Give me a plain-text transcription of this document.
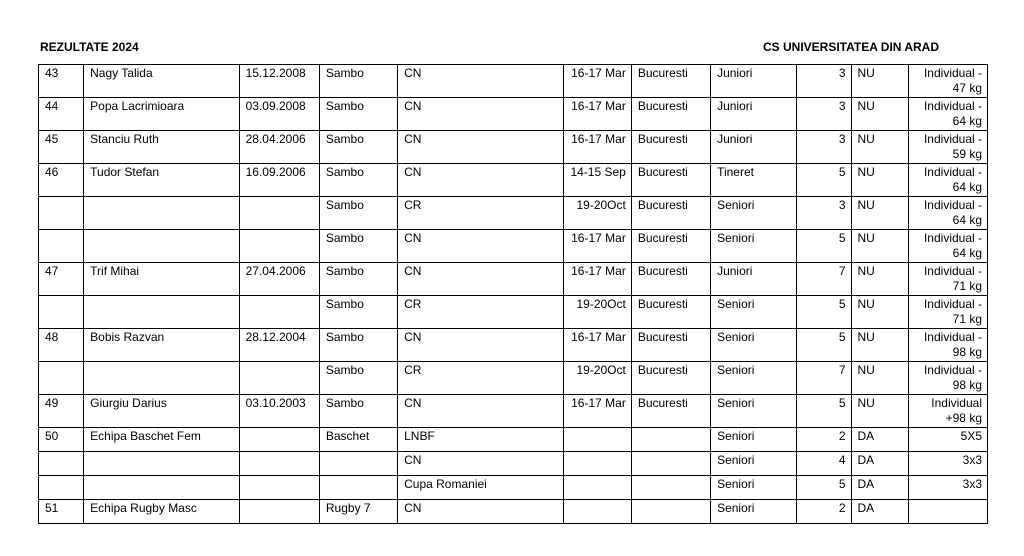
REZULTATE 2024	CS UNIVERSITATEA DIN ARAD
43	Nagy Talida	15.12.2008	Sambo	CN	16-17 Mar	Bucuresti	Juniori	3	NU	Individual -
47 kg
44	Popa Lacrimioara	03.09.2008	Sambo	CN	16-17 Mar	Bucuresti	Juniori	3	NU	Individual -
64 kg
45	Stanciu Ruth	28.04.2006	Sambo	CN	16-17 Mar	Bucuresti	Juniori	3	NU	Individual -
59 kg
46	Tudor Stefan	16.09.2006	Sambo	CN	14-15 Sep	Bucuresti	Tineret	5	NU	Individual -
64 kg
			Sambo	CR	19-20Oct	Bucuresti	Seniori	3	NU	Individual -
64 kg
			Sambo	CN	16-17 Mar	Bucuresti	Seniori	5	NU	Individual -
64 kg
47	Trif Mihai	27.04.2006	Sambo	CN	16-17 Mar	Bucuresti	Juniori	7	NU	Individual -
71 kg
			Sambo	CR	19-20Oct	Bucuresti	Seniori	5	NU	Individual -
71 kg
48	Bobis Razvan	28.12.2004	Sambo	CN	16-17 Mar	Bucuresti	Seniori	5	NU	Individual -
98 kg
			Sambo	CR	19-20Oct	Bucuresti	Seniori	7	NU	Individual -
98 kg
49	Giurgiu Darius	03.10.2003	Sambo	CN	16-17 Mar	Bucuresti	Seniori	5	NU	Individual
+98 kg
50	Echipa Baschet Fem		Baschet	LNBF			Seniori	2	DA	5X5
				CN			Seniori	4	DA	3x3
				Cupa Romaniei			Seniori	5	DA	3x3
51	Echipa Rugby Masc		Rugby 7	CN			Seniori	2	DA	
